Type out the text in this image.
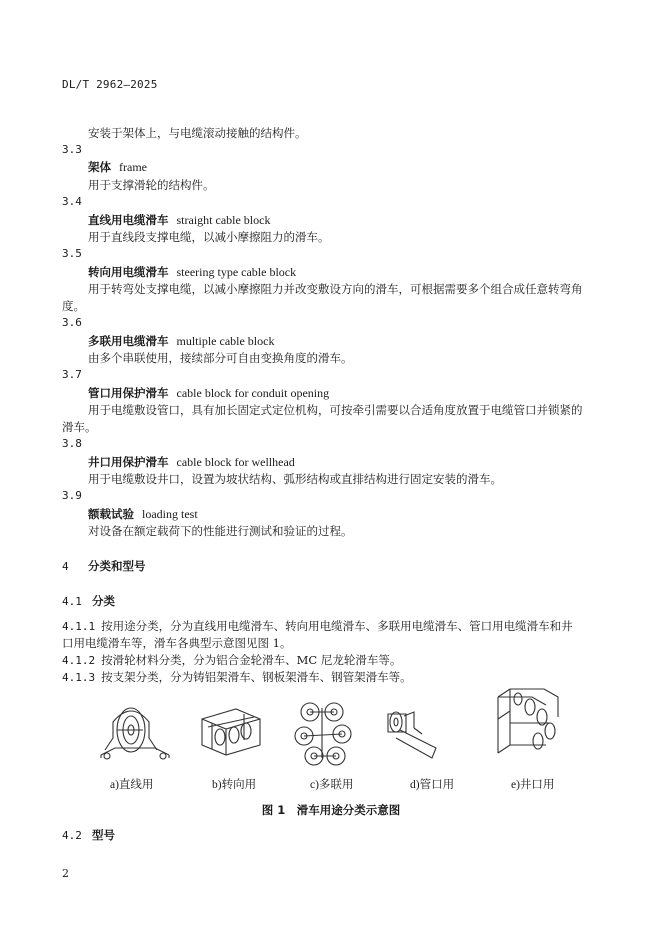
DL/T 2962—2025
安装于架体上，与电缆滚动接触的结构件。
3.3
架体 frame
用于支撑滑轮的结构件。
3.4
直线用电缆滑车 straight cable block
用于直线段支撑电缆，以减小摩擦阻力的滑车。
3.5
转向用电缆滑车 steering type cable block
用于转弯处支撑电缆，以减小摩擦阻力并改变敷设方向的滑车，可根据需要多个组合成任意转弯角
度。
3.6
多联用电缆滑车 multiple cable block
由多个串联使用，接续部分可自由变换角度的滑车。
3.7
管口用保护滑车 cable block for conduit opening
用于电缆敷设管口，具有加长固定式定位机构，可按牵引需要以合适角度放置于电缆管口并锁紧的
滑车。
3.8
井口用保护滑车 cable block for wellhead
用于电缆敷设井口，设置为坡状结构、弧形结构或直排结构进行固定安装的滑车。
3.9
额载试验 loading test
对设备在额定载荷下的性能进行测试和验证的过程。
4 分类和型号
4.1 分类
4.1.1 按用途分类，分为直线用电缆滑车、转向用电缆滑车、多联用电缆滑车、管口用电缆滑车和井
口用电缆滑车等，滑车各典型示意图见图 1。
4.1.2 按滑轮材料分类，分为铝合金轮滑车、MC 尼龙轮滑车等。
4.1.3 按支架分类，分为铸铝架滑车、钢板架滑车、钢管架滑车等。
a)直线用	b)转向用	c)多联用	d)管口用	e)井口用
图 1　滑车用途分类示意图
4.2 型号
2
